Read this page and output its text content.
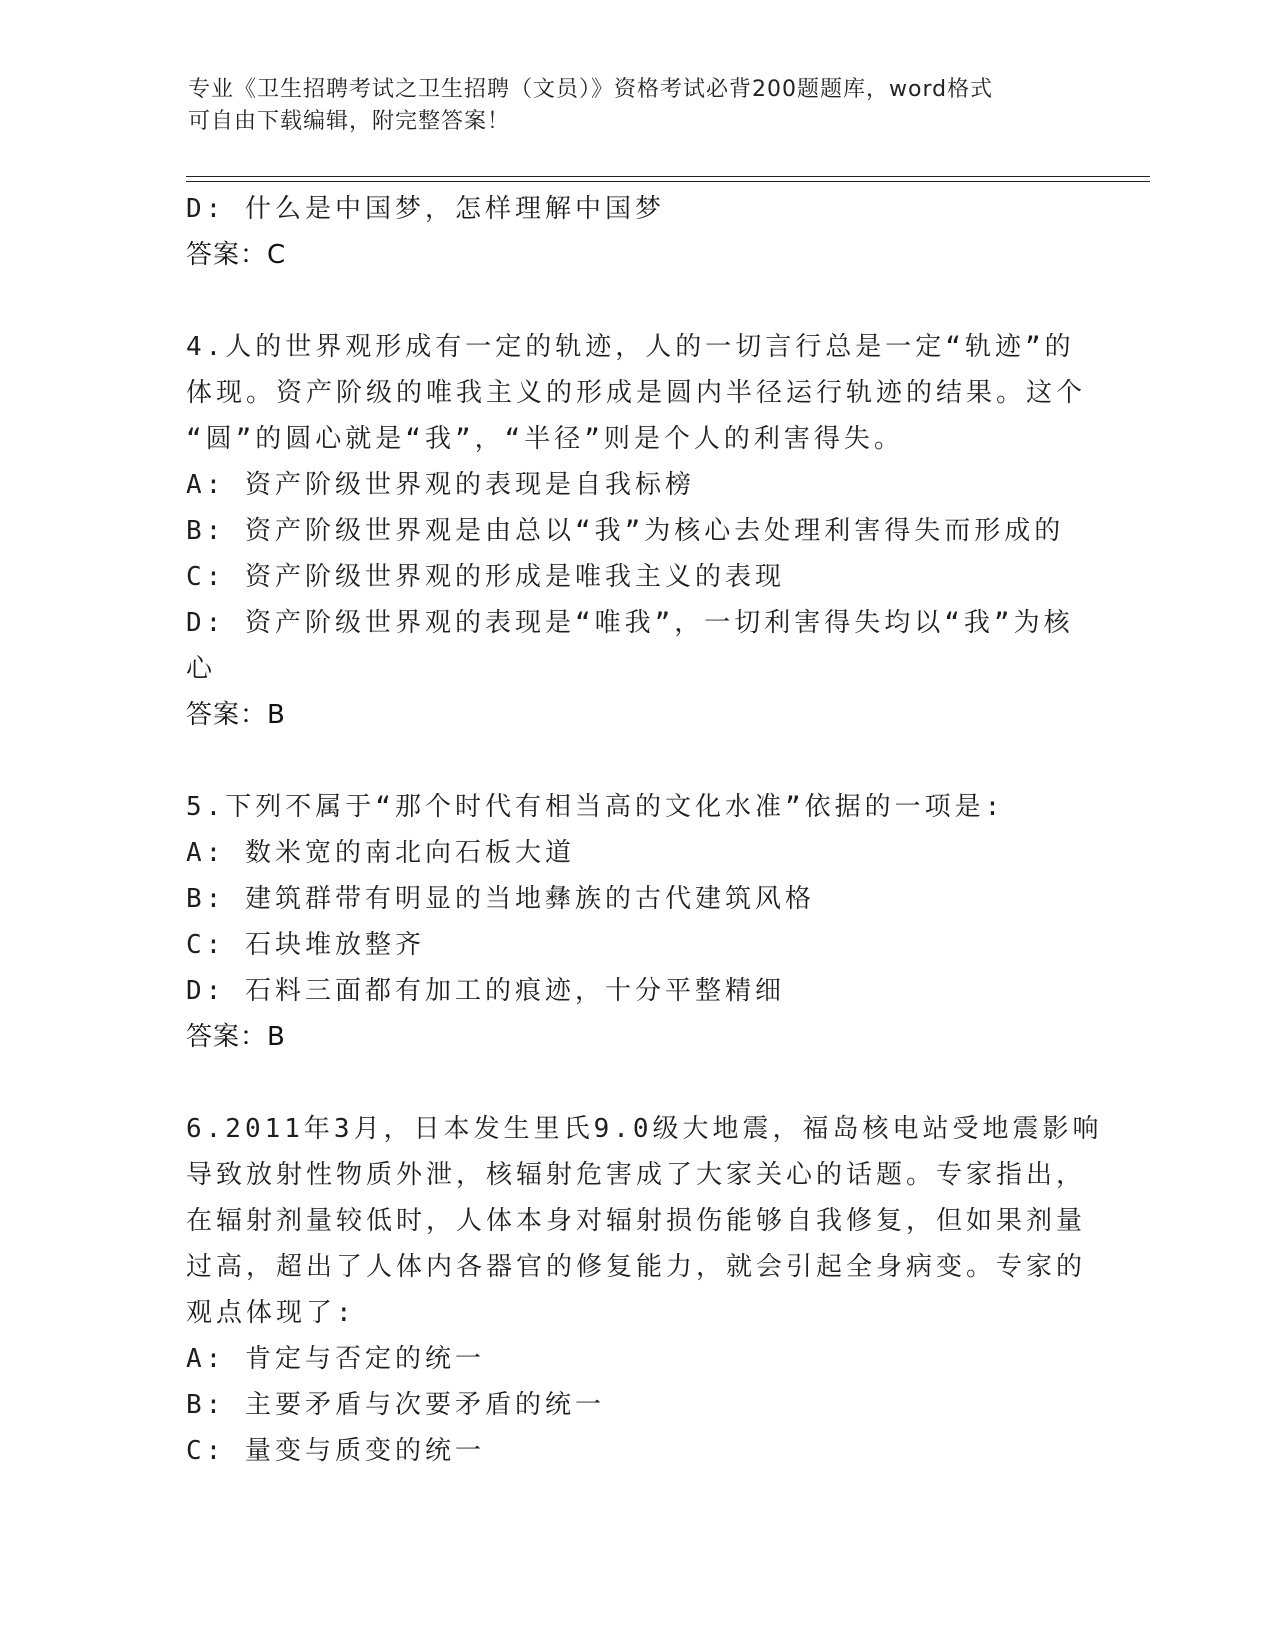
专业《卫生招聘考试之卫生招聘（文员）》资格考试必背200题题库，word格式
可自由下载编辑，附完整答案！
D: 什么是中国梦，怎样理解中国梦
答案：C
4.人的世界观形成有一定的轨迹，人的一切言行总是一定“轨迹”的
体现。资产阶级的唯我主义的形成是圆内半径运行轨迹的结果。这个
“圆”的圆心就是“我”，“半径”则是个人的利害得失。
A: 资产阶级世界观的表现是自我标榜
B: 资产阶级世界观是由总以“我”为核心去处理利害得失而形成的
C: 资产阶级世界观的形成是唯我主义的表现
D: 资产阶级世界观的表现是“唯我”，一切利害得失均以“我”为核
心
答案：B
5.下列不属于“那个时代有相当高的文化水准”依据的一项是:
A: 数米宽的南北向石板大道
B: 建筑群带有明显的当地彝族的古代建筑风格
C: 石块堆放整齐
D: 石料三面都有加工的痕迹，十分平整精细
答案：B
6.2011年3月，日本发生里氏9.0级大地震，福岛核电站受地震影响
导致放射性物质外泄，核辐射危害成了大家关心的话题。专家指出，
在辐射剂量较低时，人体本身对辐射损伤能够自我修复，但如果剂量
过高，超出了人体内各器官的修复能力，就会引起全身病变。专家的
观点体现了:
A: 肯定与否定的统一
B: 主要矛盾与次要矛盾的统一
C: 量变与质变的统一
